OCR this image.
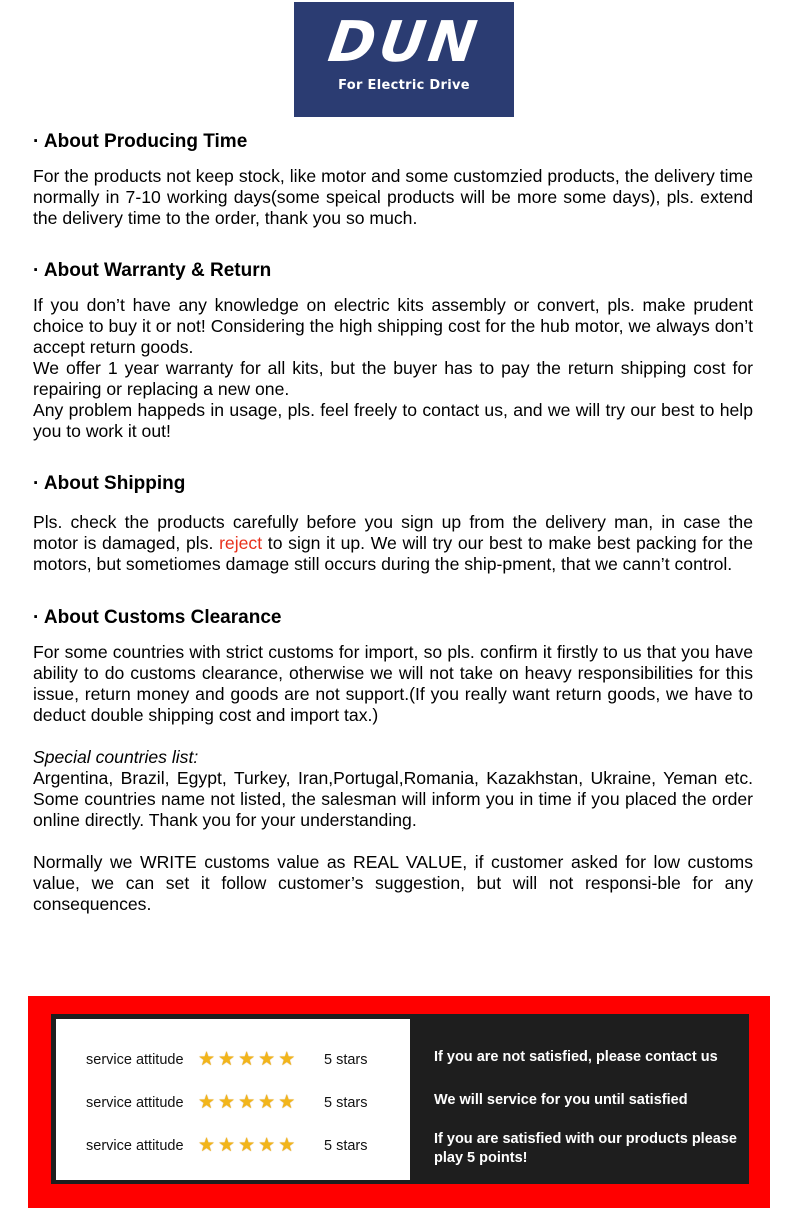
DUN
For Electric Drive
· About Producing Time

For the products not keep stock, like motor and some customzied products, the delivery time normally in 7-10 working days(some speical products will be more some days), pls. extend the delivery time to the order, thank you so much.

· About Warranty & Return

If you don’t have any knowledge on electric kits assembly or convert, pls. make prudent choice to buy it or not! Considering the high shipping cost for the hub motor, we always don’t accept return goods.

We offer 1 year warranty for all kits, but the buyer has to pay the return shipping cost for repairing or replacing a new one.

Any problem happeds in usage, pls. feel freely to contact us, and we will try our best to help you to work it out!

· About Shipping

Pls. check the products carefully before you sign up from the delivery man, in case the motor is damaged, pls. reject to sign it up. We will try our best to make best packing for the motors, but sometiomes damage still occurs during the ship-pment, that we cann’t control.

· About Customs Clearance

For some countries with strict customs for import, so pls. confirm it firstly to us that you have ability to do customs clearance, otherwise we will not take on heavy responsibilities for this issue, return money and goods are not support.(If you really want return goods, we have to deduct double shipping cost and import tax.)

Special countries list:

Argentina, Brazil, Egypt, Turkey, Iran,Portugal,Romania, Kazakhstan, Ukraine, Yeman etc. Some countries name not listed, the salesman will inform you in time if you placed the order online directly. Thank you for your understanding.

Normally we WRITE customs value as REAL VALUE, if customer asked for low customs value, we can set it follow customer’s suggestion, but will not responsi-ble for any consequences.

service attitude ★ ★ ★ ★ ★ 5 stars
service attitude ★ ★ ★ ★ ★ 5 stars
service attitude ★ ★ ★ ★ ★ 5 stars
If you are not satisfied, please contact us
We will service for you until satisfied
If you are satisfied with our products please play 5 points!
